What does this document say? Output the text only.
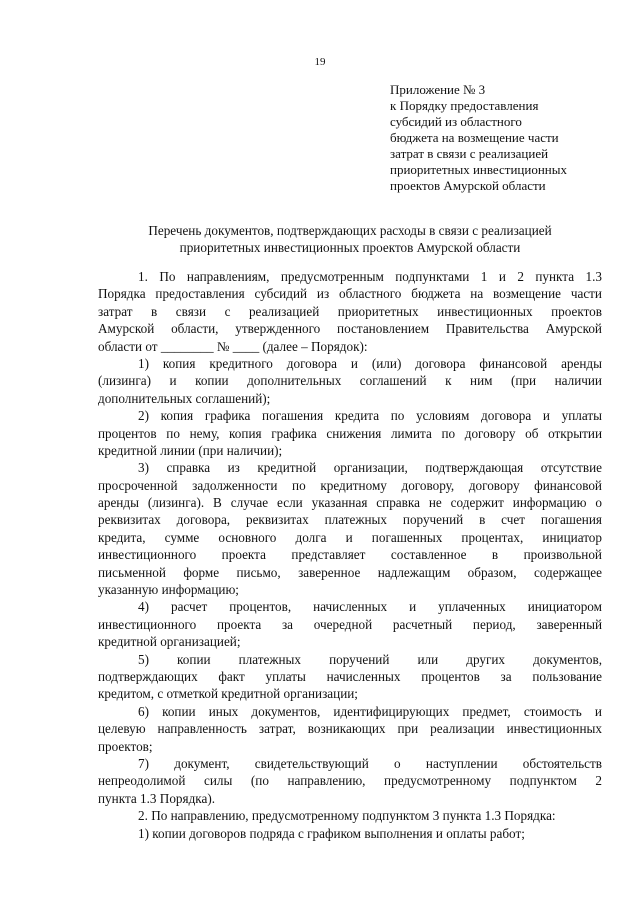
19
Приложение № 3
к Порядку предоставления
субсидий из областного
бюджета на возмещение части
затрат в связи с реализацией
приоритетных инвестиционных
проектов Амурской области
Перечень документов, подтверждающих расходы в связи с реализацией
приоритетных инвестиционных проектов Амурской области
1. По направлениям, предусмотренным подпунктами 1 и 2 пункта 1.3
Порядка предоставления субсидий из областного бюджета на возмещение части
затрат в связи с реализацией приоритетных инвестиционных проектов
Амурской области, утвержденного постановлением Правительства Амурской
области от ________ № ____ (далее – Порядок):
1) копия кредитного договора и (или) договора финансовой аренды
(лизинга) и копии дополнительных соглашений к ним (при наличии
дополнительных соглашений);
2) копия графика погашения кредита по условиям договора и уплаты
процентов по нему, копия графика снижения лимита по договору об открытии
кредитной линии (при наличии);
3) справка из кредитной организации, подтверждающая отсутствие
просроченной задолженности по кредитному договору, договору финансовой
аренды (лизинга). В случае если указанная справка не содержит информацию о
реквизитах договора, реквизитах платежных поручений в счет погашения
кредита, сумме основного долга и погашенных процентах, инициатор
инвестиционного проекта представляет составленное в произвольной
письменной форме письмо, заверенное надлежащим образом, содержащее
указанную информацию;
4) расчет процентов, начисленных и уплаченных инициатором
инвестиционного проекта за очередной расчетный период, заверенный
кредитной организацией;
5) копии платежных поручений или других документов,
подтверждающих факт уплаты начисленных процентов за пользование
кредитом, с отметкой кредитной организации;
6) копии иных документов, идентифицирующих предмет, стоимость и
целевую направленность затрат, возникающих при реализации инвестиционных
проектов;
7) документ, свидетельствующий о наступлении обстоятельств
непреодолимой силы (по направлению, предусмотренному подпунктом 2
пункта 1.3 Порядка).
2. По направлению, предусмотренному подпунктом 3 пункта 1.3 Порядка:
1) копии договоров подряда с графиком выполнения и оплаты работ;
